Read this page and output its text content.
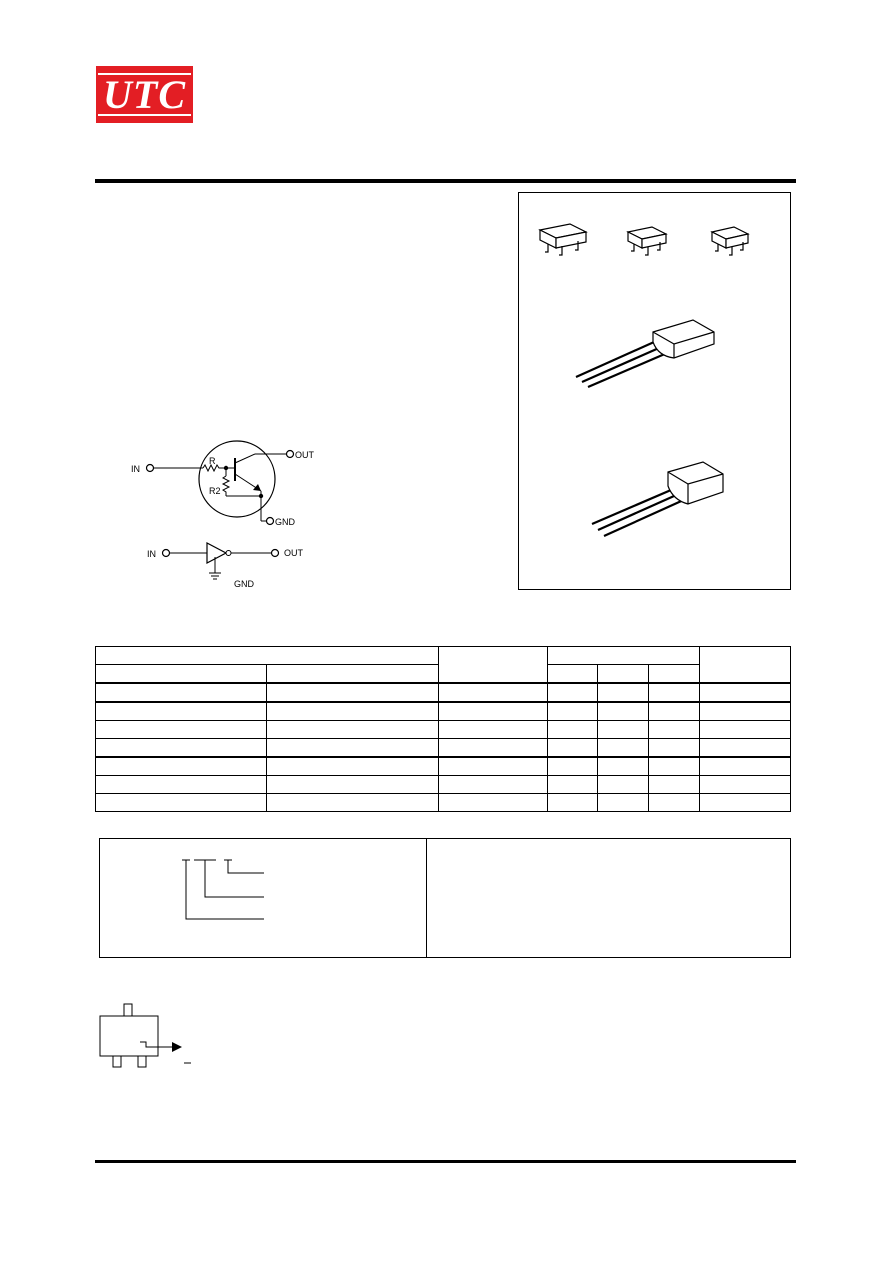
UTC
IN
OUT
R
R2
GND
IN	OUT
GND
